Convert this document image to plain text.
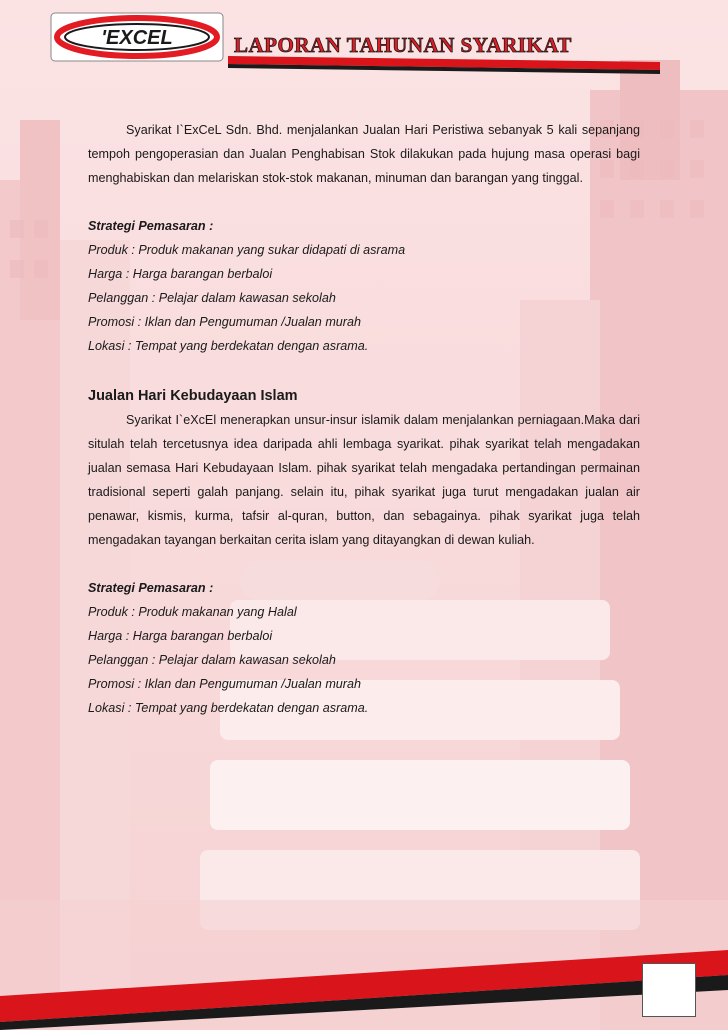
'EXCEL	LAPORAN TAHUNAN SYARIKAT

Syarikat I`ExCeL Sdn. Bhd. menjalankan Jualan Hari Peristiwa sebanyak 5 kali sepanjang tempoh pengoperasian dan Jualan Penghabisan Stok dilakukan pada hujung masa operasi bagi menghabiskan dan melariskan stok-stok makanan, minuman dan barangan yang tinggal.

Strategi Pemasaran :

Produk : Produk makanan yang sukar didapati di asrama

Harga : Harga barangan berbaloi

Pelanggan : Pelajar dalam kawasan sekolah

Promosi : Iklan dan Pengumuman /Jualan murah

Lokasi : Tempat yang berdekatan dengan asrama.

Jualan Hari Kebudayaan Islam

Syarikat I`eXcEl menerapkan unsur-insur islamik dalam menjalankan perniagaan.Maka dari situlah telah tercetusnya idea daripada ahli lembaga syarikat. pihak syarikat telah mengadakan jualan semasa Hari Kebudayaan Islam. pihak syarikat telah mengadaka pertandingan permainan tradisional seperti galah panjang. selain itu, pihak syarikat juga turut mengadakan jualan air penawar, kismis, kurma, tafsir al-quran, button, dan sebagainya. pihak syarikat juga telah mengadakan tayangan berkaitan cerita islam yang ditayangkan di dewan kuliah.

Strategi Pemasaran :

Produk : Produk makanan yang Halal

Harga : Harga barangan berbaloi

Pelanggan : Pelajar dalam kawasan sekolah

Promosi : Iklan dan Pengumuman /Jualan murah

Lokasi : Tempat yang berdekatan dengan asrama.
